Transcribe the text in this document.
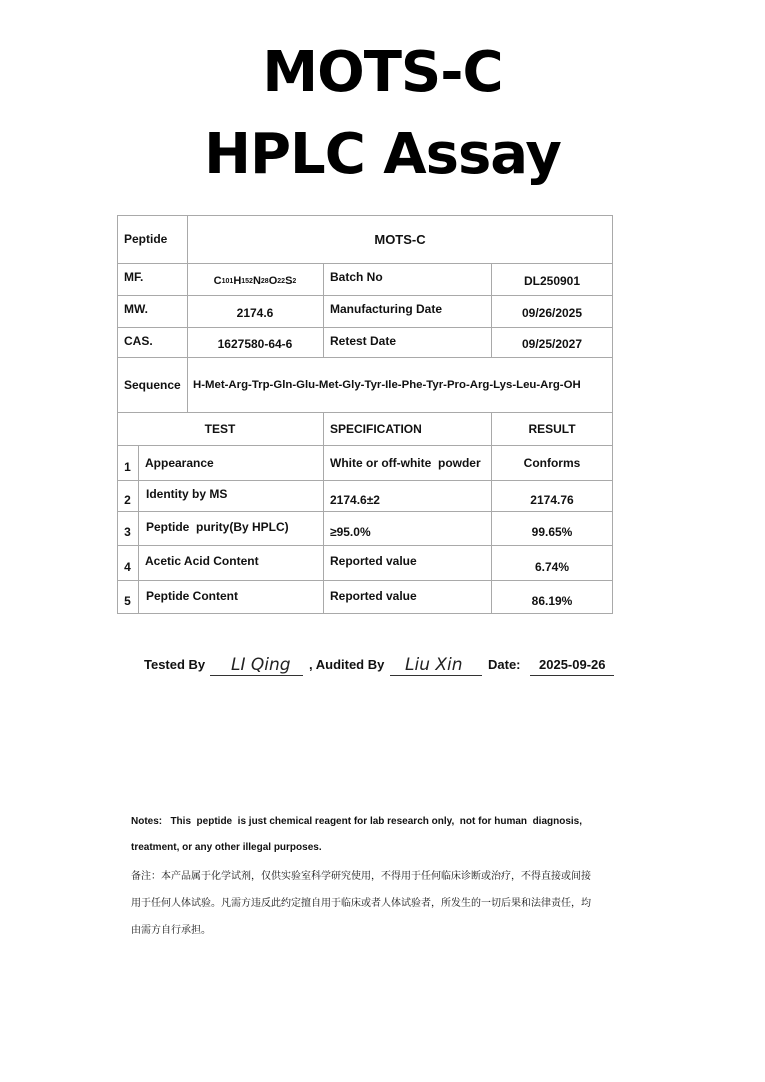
MOTS-C
HPLC Assay
Peptide	MOTS-C
MF.	C 101 H 152 N 28 O 22 S 2	Batch No	DL250901
MW.	2174.6	Manufacturing Date	09/26/2025
CAS.	1627580-64-6	Retest Date	09/25/2027
Sequence	H-Met-Arg-Trp-Gln-Glu-Met-Gly-Tyr-Ile-Phe-Tyr-Pro-Arg-Lys-Leu-Arg-OH
TEST	SPECIFICATION	RESULT
1	Appearance	White or off-white  powder	Conforms
2	Identity by MS	2174.6±2	2174.76
3	Peptide  purity(By HPLC)	≥95.0%	99.65%
4	Acetic Acid Content	Reported value	6.74%
5	Peptide Content	Reported value	86.19%
Tested By LI Qing , Audited By Liu Xin Date: 2025-09-26
Notes:   This  peptide  is just chemical reagent for lab research only,  not for human  diagnosis,
treatment, or any other illegal purposes.
备注：本产品属于化学试剂，仅供实验室科学研究使用，不得用于任何临床诊断或治疗，不得直接或间接
用于任何人体试验。凡需方违反此约定擅自用于临床或者人体试验者，所发生的一切后果和法律责任，均
由需方自行承担。
